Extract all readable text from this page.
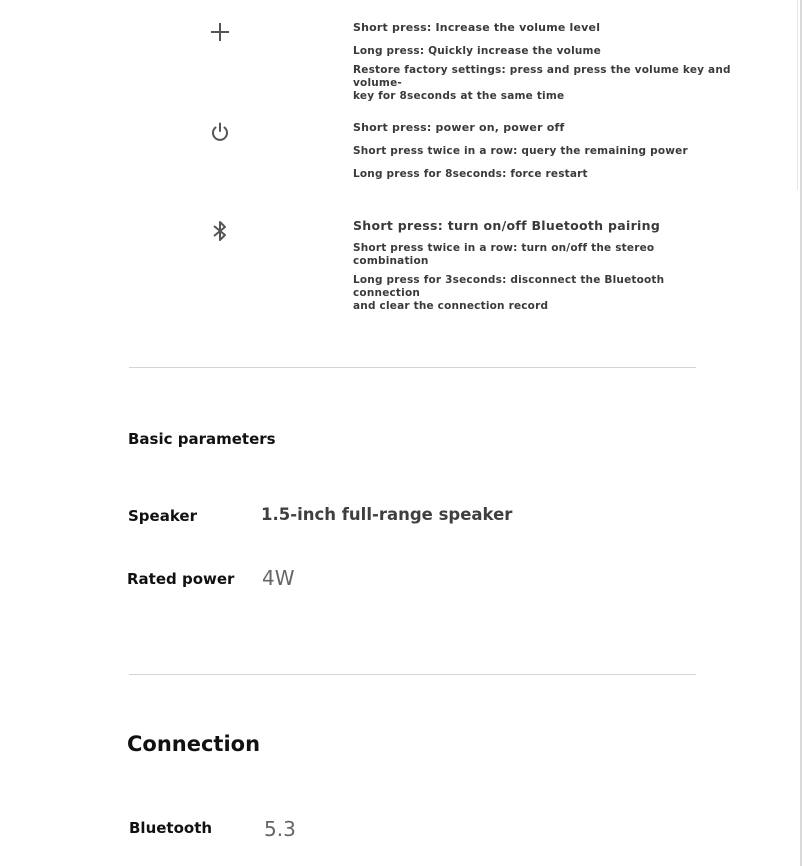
Short press: Increase the volume level

Long press: Quickly increase the volume

Restore factory settings: press and press the volume key and volume-
key for 8seconds at the same time

Short press: power on, power off

Short press twice in a row: query the remaining power

Long press for 8seconds: force restart

Short press: turn on/off Bluetooth pairing

Short press twice in a row: turn on/off the stereo combination

Long press for 3seconds: disconnect the Bluetooth connection
and clear the connection record

Basic parameters

Speaker	1.5-inch full-range speaker

Rated power 4W

Connection

Bluetooth	5.3
